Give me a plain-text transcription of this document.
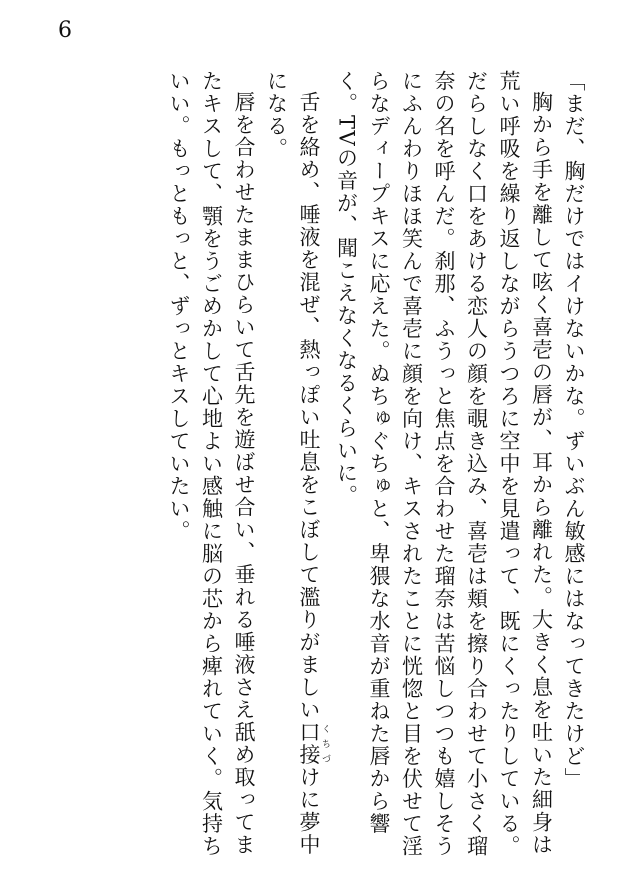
6

「まだ、胸だけではイけないかな。ずいぶん敏感にはなってきたけど」

胸から手を離して呟く喜壱の唇が、耳から離れた。大きく息を吐いた細身は荒い呼吸を繰り返しながらうつろに空中を見遣って、既にくったりしている。だらしなく口をあける恋人の顔を覗き込み、喜壱は頬を擦り合わせて小さく瑠奈の名を呼んだ。刹那、ふうっと焦点を合わせた瑠奈は苦悩しつつも嬉しそうにふんわりほほ笑んで喜壱に顔を向け、キスされたことに恍惚と目を伏せて淫らなディープキスに応えた。ぬちゅぐちゅと、卑猥な水音が重ねた唇から響く。TVの音が、聞こえなくなるくらいに。

舌を絡め、唾液を混ぜ、熱っぽい吐息をこぼして濫りがましい口接 くちづけに夢中になる。

唇を合わせたままひらいて舌先を遊ばせ合い、垂れる唾液さえ舐め取ってまたキスして、顎をうごめかして心地よい感触に脳の芯から痺れていく。気持ちいい。もっともっと、ずっとキスしていたい。
